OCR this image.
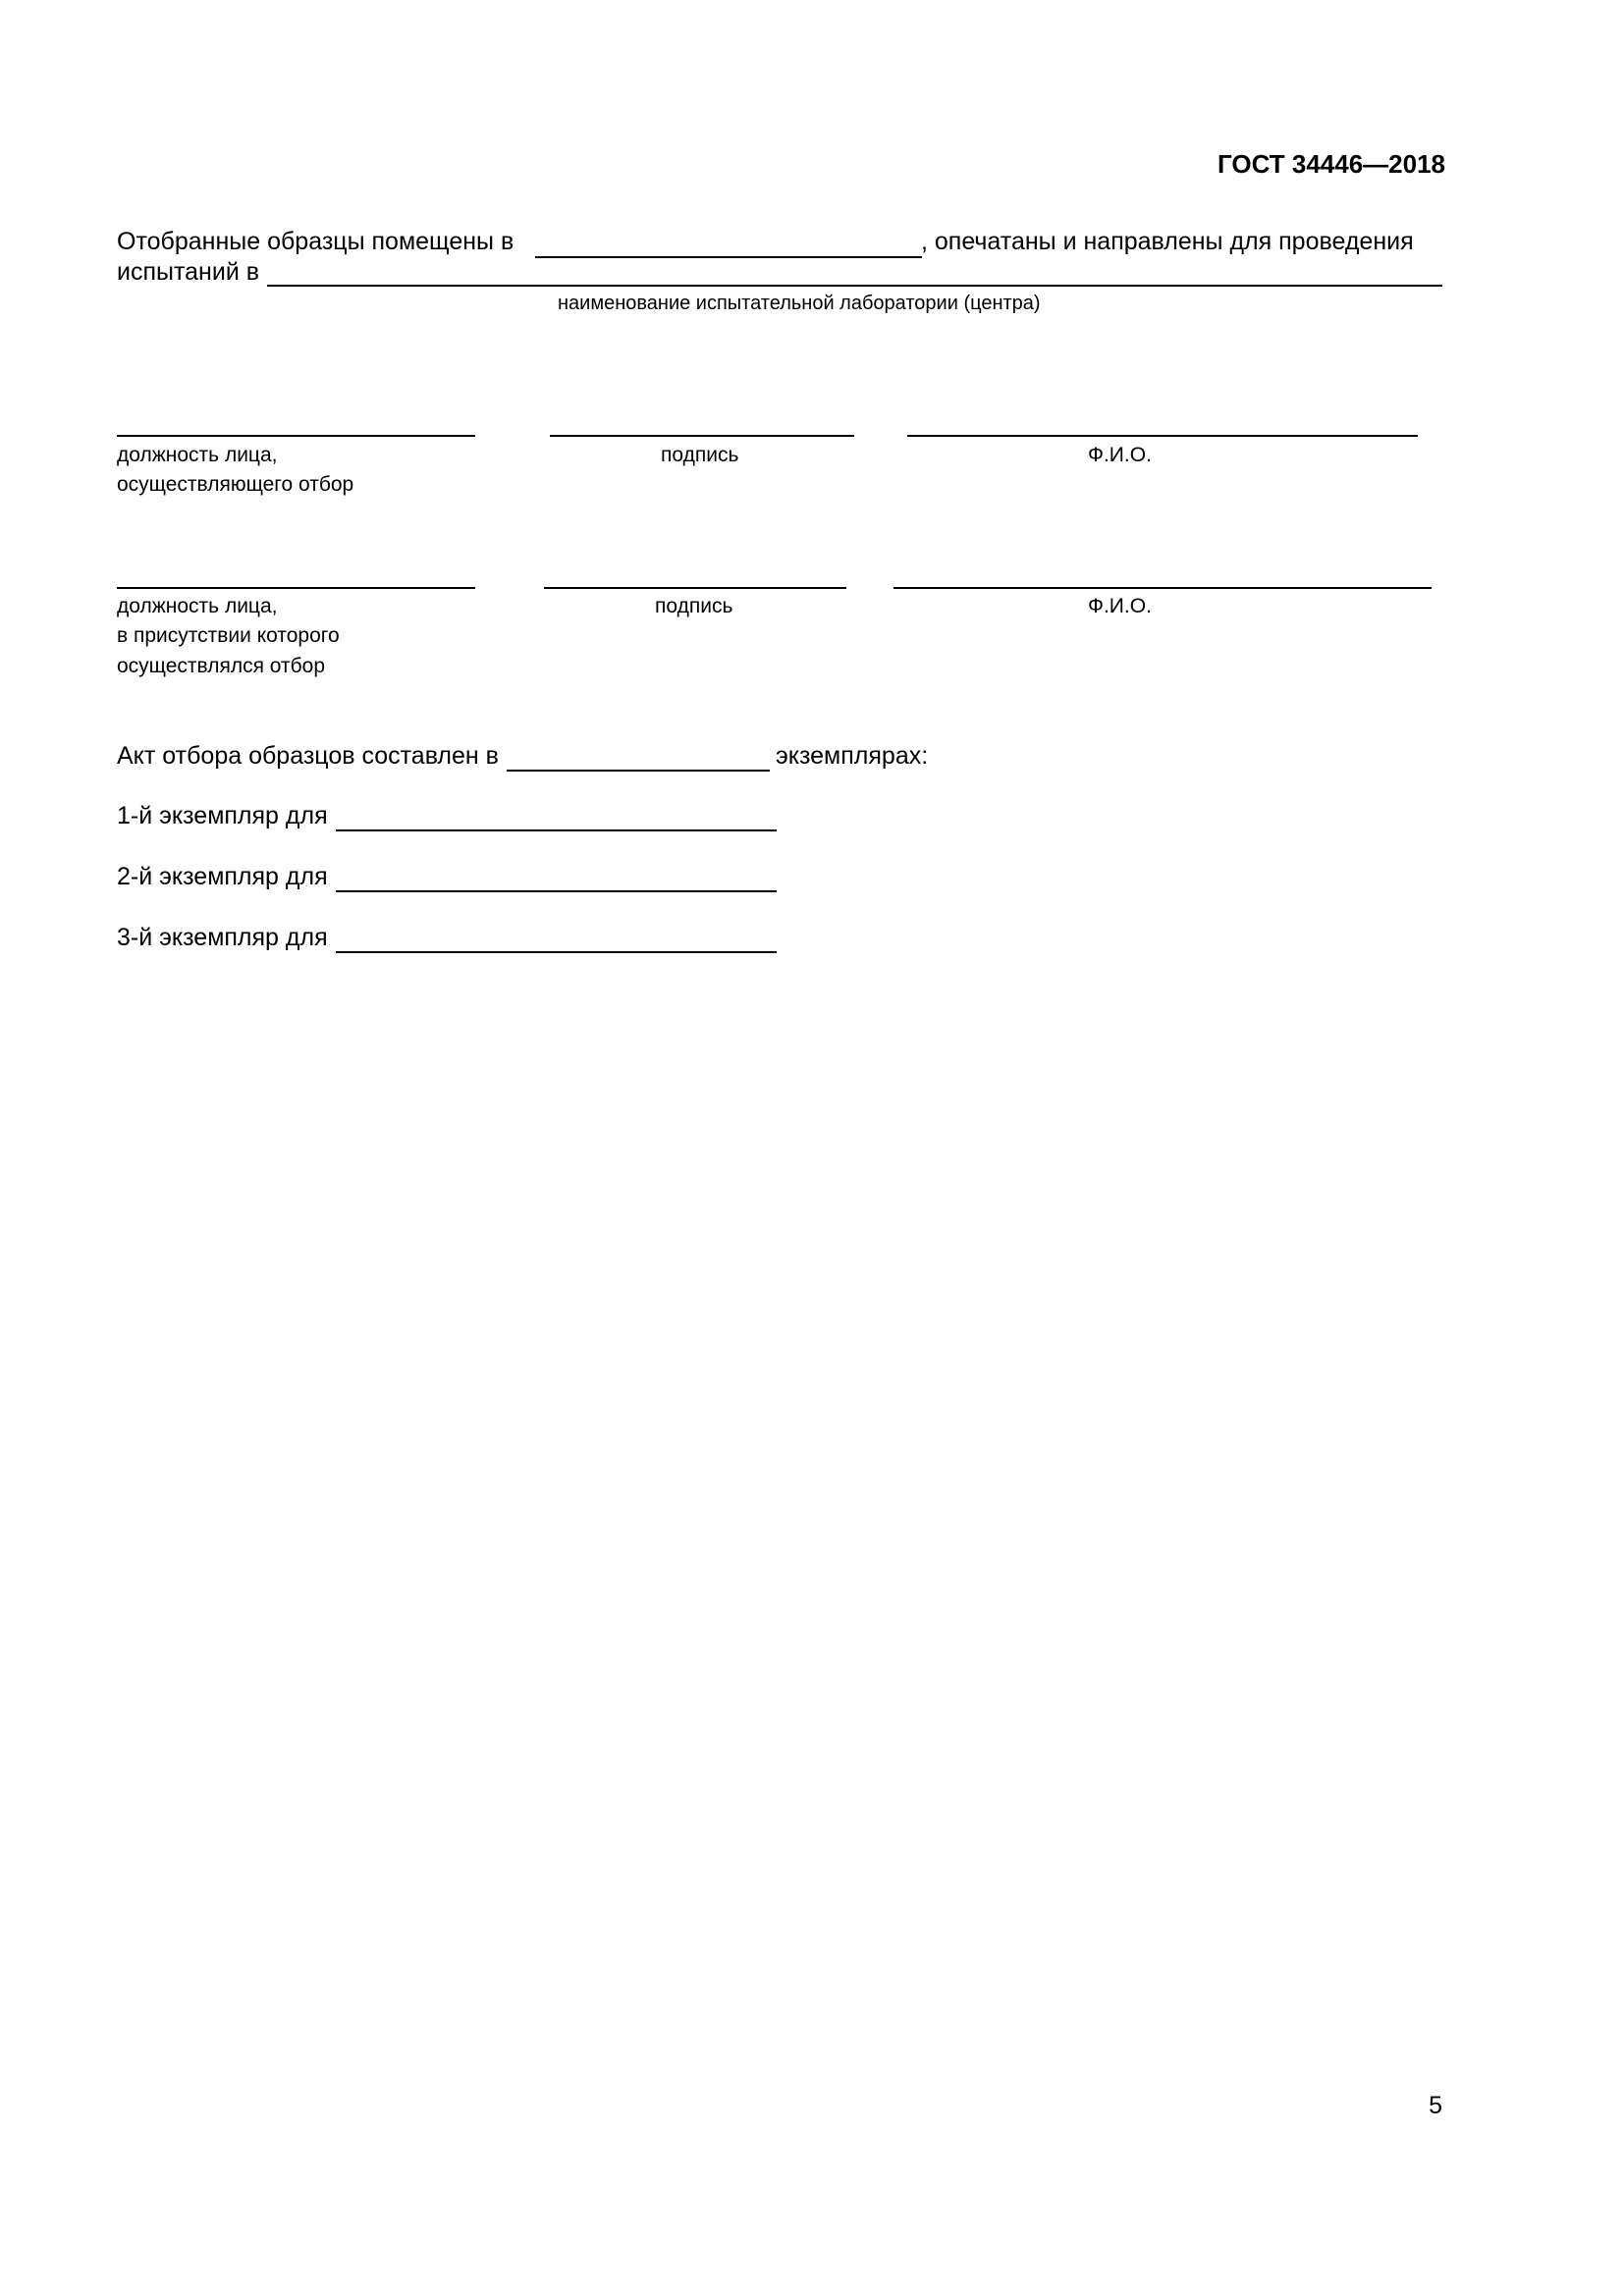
ГОСТ 34446—2018
Отобранные образцы помещены в	, опечатаны и направлены для проведения
испытаний в
наименование испытательной лаборатории (центра)
должность лица,
осуществляющего отбор
подпись	Ф.И.О.
должность лица,
в присутствии которого
осуществлялся отбор
подпись	Ф.И.О.
Акт отбора образцов составлен в	экземплярах:
1-й экземпляр для
2-й экземпляр для
3-й экземпляр для
5
